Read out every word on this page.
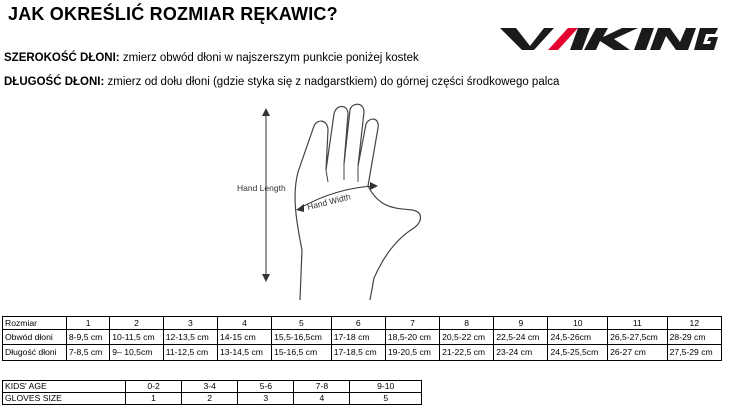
JAK OKREŚLIĆ ROZMIAR RĘKAWIC?
SZEROKOŚĆ DŁONI: zmierz obwód dłoni w najszerszym punkcie poniżej kostek
DŁUGOŚĆ DŁONI: zmierz od dołu dłoni (gdzie styka się z nadgarstkiem) do górnej części środkowego palca
Hand Length
Hand Width
Rozmiar	1	2	3	4	5	6	7	8	9	10	11	12
Obwód dłoni	8-9,5 cm	10-11,5 cm	12-13,5 cm	14-15 cm	15,5-16,5cm	17-18 cm	18,5-20 cm	20,5-22 cm	22,5-24 cm	24,5-26cm	26,5-27,5cm	28-29 cm
Długość dłoni	7-8,5 cm	9– 10,5cm	11-12,5 cm	13-14,5 cm	15-16,5 cm	17-18,5 cm	19-20,5 cm	21-22,5 cm	23-24 cm	24,5-25,5cm	26-27 cm	27,5-29 cm
KIDS' AGE	0-2	3-4	5-6	7-8	9-10
GLOVES SIZE	1	2	3	4	5
